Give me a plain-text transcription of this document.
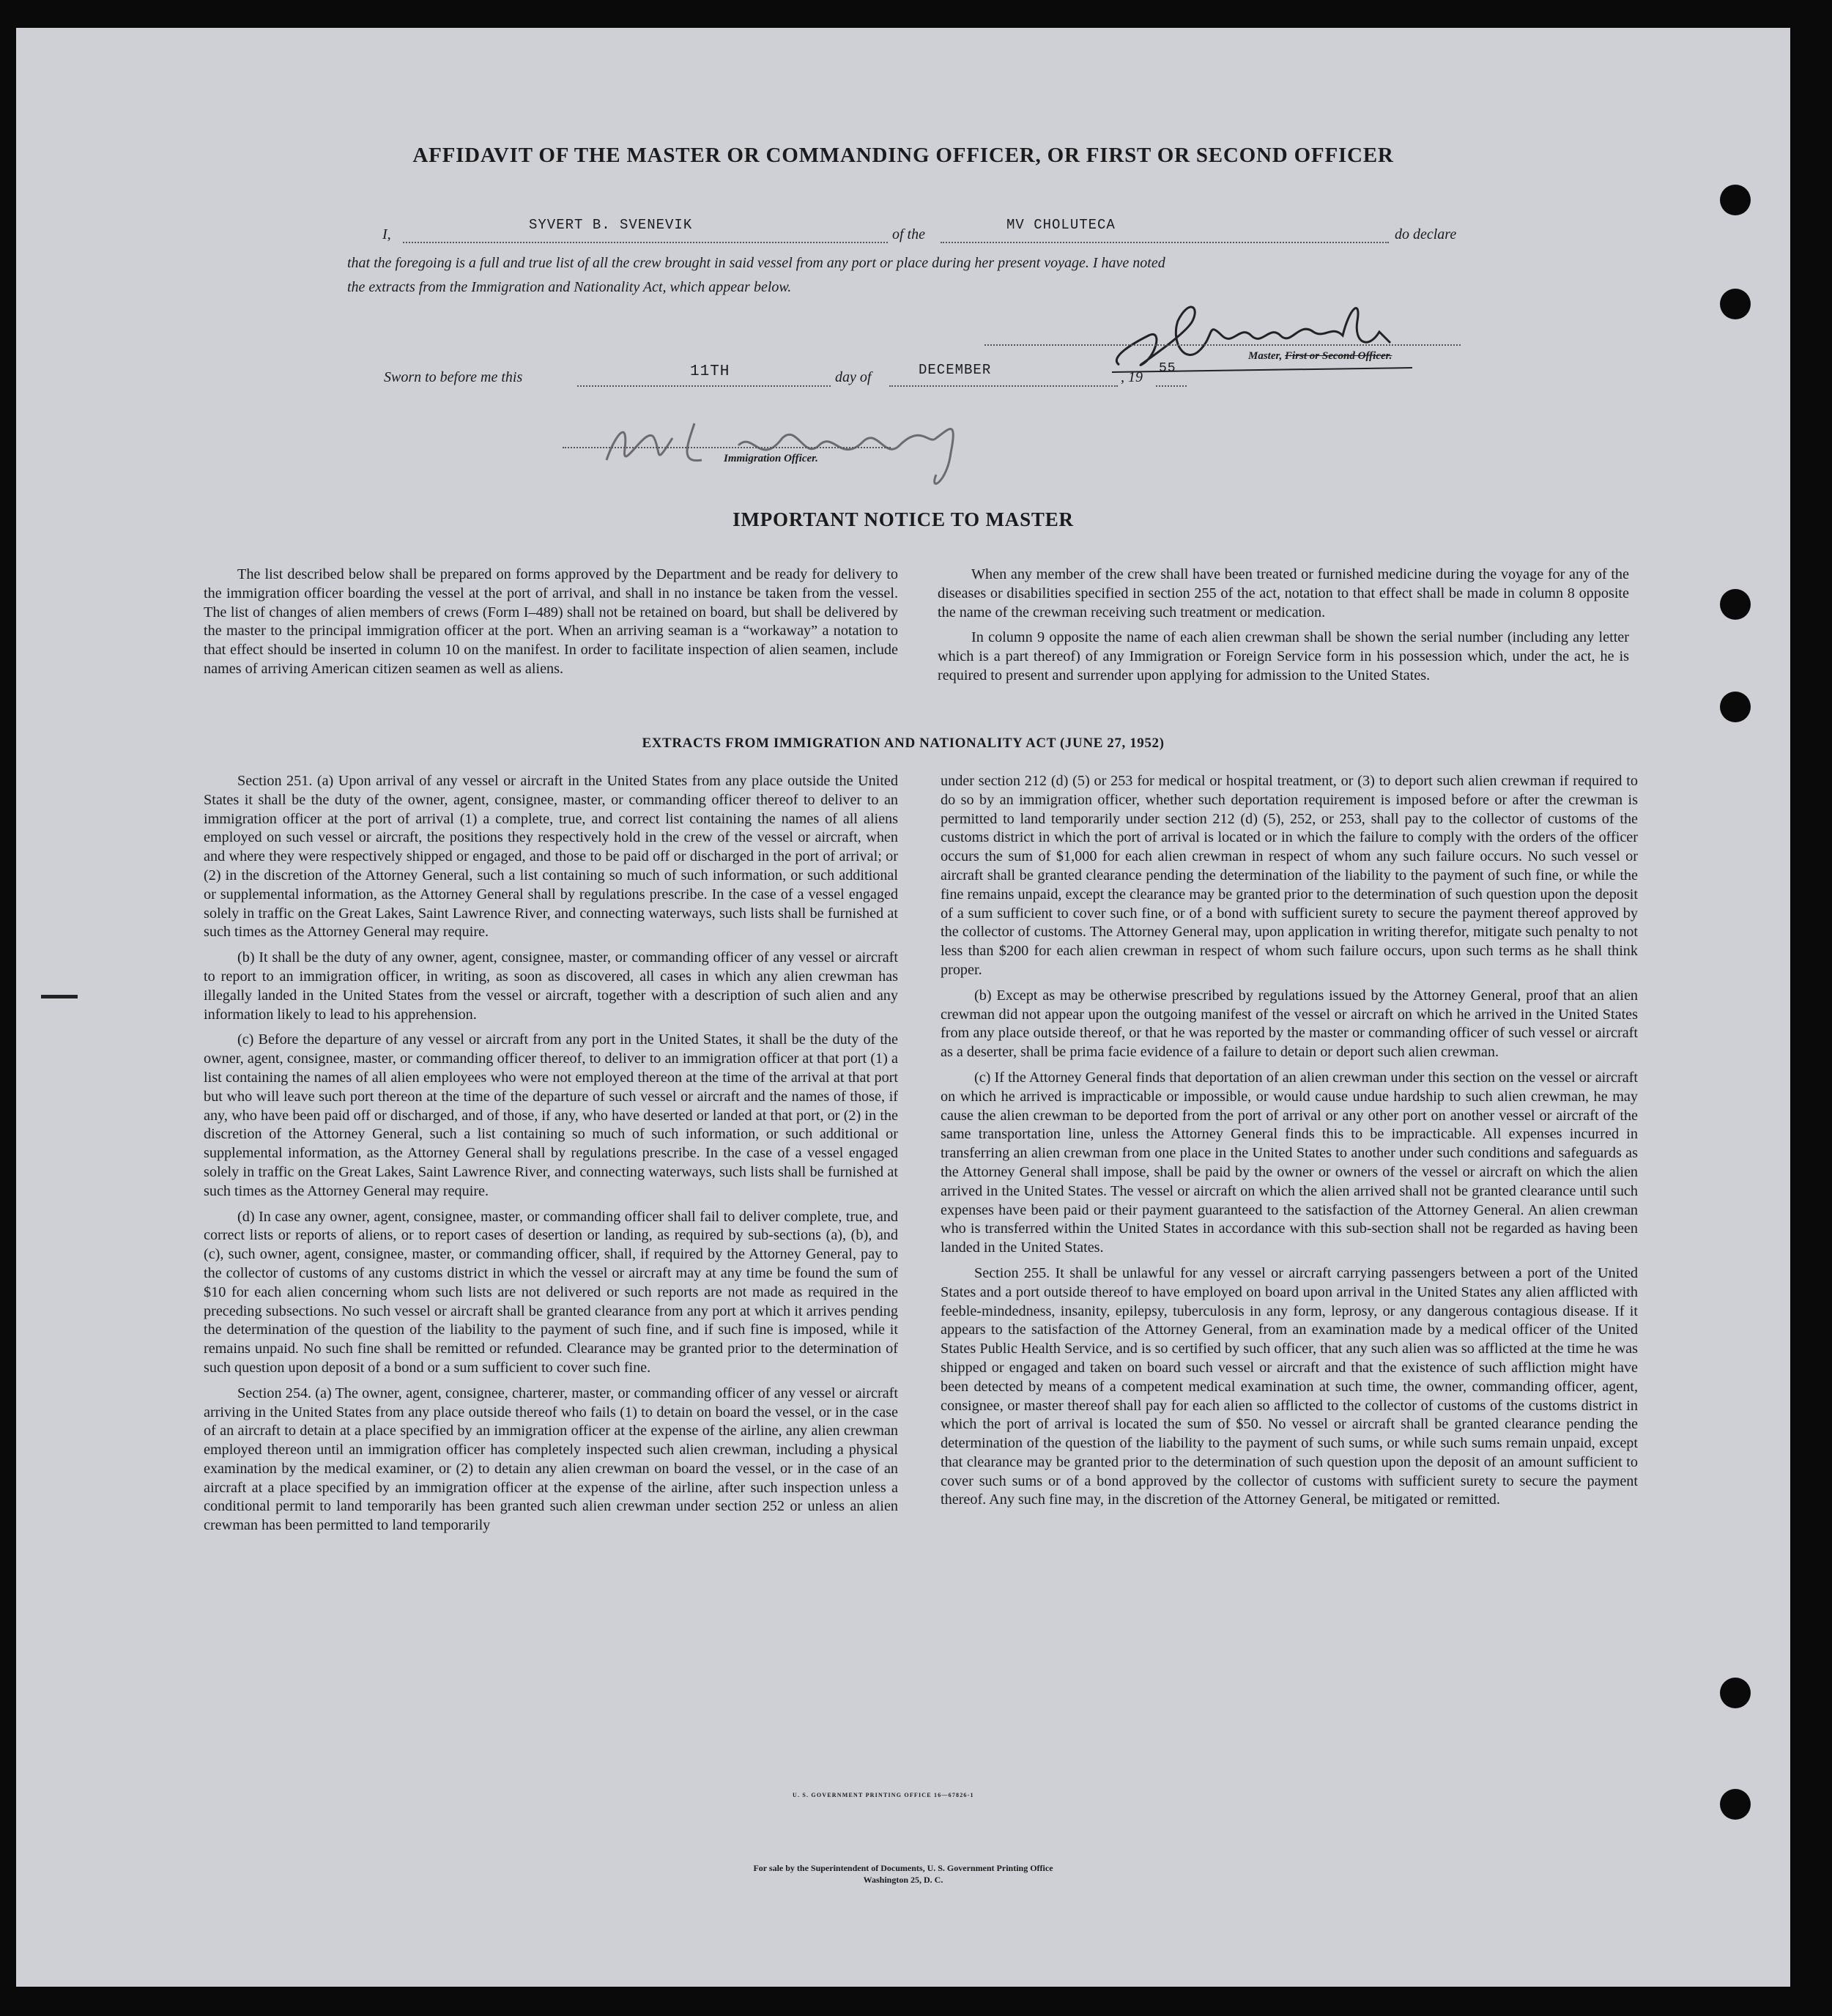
AFFIDAVIT OF THE MASTER OR COMMANDING OFFICER, OR FIRST OR SECOND OFFICER
I,
SYVERT B. SVENEVIK
of the
MV CHOLUTECA
do declare
that the foregoing is a full and true list of all the crew brought in said vessel from any port or place during her present voyage. I have noted
the extracts from the Immigration and Nationality Act, which appear below.
Master, First or Second Officer.
Sworn to before me this	11TH	day of	DECEMBER	, 19
55
Immigration Officer.
IMPORTANT NOTICE TO MASTER

The list described below shall be prepared on forms approved by the Department and be ready for delivery to the immigration officer boarding the vessel at the port of arrival, and shall in no instance be taken from the vessel. The list of changes of alien members of crews (Form I–489) shall not be retained on board, but shall be delivered by the master to the principal immigration officer at the port. When an arriving seaman is a “workaway” a notation to that effect should be inserted in column 10 on the manifest. In order to facilitate inspection of alien seamen, include names of arriving American citizen seamen as well as aliens.

When any member of the crew shall have been treated or furnished medicine during the voyage for any of the diseases or disabilities specified in section 255 of the act, notation to that effect shall be made in column 8 opposite the name of the crewman receiving such treatment or medication.

In column 9 opposite the name of each alien crewman shall be shown the serial number (including any letter which is a part thereof) of any Immigration or Foreign Service form in his possession which, under the act, he is required to present and surrender upon applying for admission to the United States.

EXTRACTS FROM IMMIGRATION AND NATIONALITY ACT (JUNE 27, 1952)

Section 251. (a) Upon arrival of any vessel or aircraft in the United States from any place outside the United States it shall be the duty of the owner, agent, consignee, master, or commanding officer thereof to deliver to an immigration officer at the port of arrival (1) a complete, true, and correct list containing the names of all aliens employed on such vessel or aircraft, the positions they respectively hold in the crew of the vessel or aircraft, when and where they were respectively shipped or engaged, and those to be paid off or discharged in the port of arrival; or (2) in the discretion of the Attorney General, such a list containing so much of such information, or such additional or supplemental information, as the Attorney General shall by regulations prescribe. In the case of a vessel engaged solely in traffic on the Great Lakes, Saint Lawrence River, and connecting waterways, such lists shall be furnished at such times as the Attorney General may require.

(b) It shall be the duty of any owner, agent, consignee, master, or commanding officer of any vessel or aircraft to report to an immigration officer, in writing, as soon as discovered, all cases in which any alien crewman has illegally landed in the United States from the vessel or aircraft, together with a description of such alien and any information likely to lead to his apprehension.

(c) Before the departure of any vessel or aircraft from any port in the United States, it shall be the duty of the owner, agent, consignee, master, or commanding officer thereof, to deliver to an immigration officer at that port (1) a list containing the names of all alien employees who were not employed thereon at the time of the arrival at that port but who will leave such port thereon at the time of the departure of such vessel or aircraft and the names of those, if any, who have been paid off or discharged, and of those, if any, who have deserted or landed at that port, or (2) in the discretion of the Attorney General, such a list containing so much of such information, or such additional or supplemental information, as the Attorney General shall by regulations prescribe. In the case of a vessel engaged solely in traffic on the Great Lakes, Saint Lawrence River, and connecting waterways, such lists shall be furnished at such times as the Attorney General may require.

(d) In case any owner, agent, consignee, master, or commanding officer shall fail to deliver complete, true, and correct lists or reports of aliens, or to report cases of desertion or landing, as required by sub-sections (a), (b), and (c), such owner, agent, consignee, master, or commanding officer, shall, if required by the Attorney General, pay to the collector of customs of any customs district in which the vessel or aircraft may at any time be found the sum of $10 for each alien concerning whom such lists are not delivered or such reports are not made as required in the preceding subsections. No such vessel or aircraft shall be granted clearance from any port at which it arrives pending the determination of the question of the liability to the payment of such fine, and if such fine is imposed, while it remains unpaid. No such fine shall be remitted or refunded. Clearance may be granted prior to the determination of such question upon deposit of a bond or a sum sufficient to cover such fine.

Section 254. (a) The owner, agent, consignee, charterer, master, or commanding officer of any vessel or aircraft arriving in the United States from any place outside thereof who fails (1) to detain on board the vessel, or in the case of an aircraft to detain at a place specified by an immigration officer at the expense of the airline, any alien crewman employed thereon until an immigration officer has completely inspected such alien crewman, including a physical examination by the medical examiner, or (2) to detain any alien crewman on board the vessel, or in the case of an aircraft at a place specified by an immigration officer at the expense of the airline, after such inspection unless a conditional permit to land temporarily has been granted such alien crewman under section 252 or unless an alien crewman has been permitted to land temporarily

under section 212 (d) (5) or 253 for medical or hospital treatment, or (3) to deport such alien crewman if required to do so by an immigration officer, whether such deportation requirement is imposed before or after the crewman is permitted to land temporarily under section 212 (d) (5), 252, or 253, shall pay to the collector of customs of the customs district in which the port of arrival is located or in which the failure to comply with the orders of the officer occurs the sum of $1,000 for each alien crewman in respect of whom any such failure occurs. No such vessel or aircraft shall be granted clearance pending the determination of the liability to the payment of such fine, or while the fine remains unpaid, except the clearance may be granted prior to the determination of such question upon the deposit of a sum sufficient to cover such fine, or of a bond with sufficient surety to secure the payment thereof approved by the collector of customs. The Attorney General may, upon application in writing therefor, mitigate such penalty to not less than $200 for each alien crewman in respect of whom such failure occurs, upon such terms as he shall think proper.

(b) Except as may be otherwise prescribed by regulations issued by the Attorney General, proof that an alien crewman did not appear upon the outgoing manifest of the vessel or aircraft on which he arrived in the United States from any place outside thereof, or that he was reported by the master or commanding officer of such vessel or aircraft as a deserter, shall be prima facie evidence of a failure to detain or deport such alien crewman.

(c) If the Attorney General finds that deportation of an alien crewman under this section on the vessel or aircraft on which he arrived is impracticable or impossible, or would cause undue hardship to such alien crewman, he may cause the alien crewman to be deported from the port of arrival or any other port on another vessel or aircraft of the same transportation line, unless the Attorney General finds this to be impracticable. All expenses incurred in transferring an alien crewman from one place in the United States to another under such conditions and safeguards as the Attorney General shall impose, shall be paid by the owner or owners of the vessel or aircraft on which the alien arrived in the United States. The vessel or aircraft on which the alien arrived shall not be granted clearance until such expenses have been paid or their payment guaranteed to the satisfaction of the Attorney General. An alien crewman who is transferred within the United States in accordance with this sub-section shall not be regarded as having been landed in the United States.

Section 255. It shall be unlawful for any vessel or aircraft carrying passengers between a port of the United States and a port outside thereof to have employed on board upon arrival in the United States any alien afflicted with feeble-mindedness, insanity, epilepsy, tuberculosis in any form, leprosy, or any dangerous contagious disease. If it appears to the satisfaction of the Attorney General, from an examination made by a medical officer of the United States Public Health Service, and is so certified by such officer, that any such alien was so afflicted at the time he was shipped or engaged and taken on board such vessel or aircraft and that the existence of such affliction might have been detected by means of a competent medical examination at such time, the owner, commanding officer, agent, consignee, or master thereof shall pay for each alien so afflicted to the collector of customs of the customs district in which the port of arrival is located the sum of $50. No vessel or aircraft shall be granted clearance pending the determination of the question of the liability to the payment of such sums, or while such sums remain unpaid, except that clearance may be granted prior to the determination of such question upon the deposit of an amount sufficient to cover such sums or of a bond approved by the collector of customs with sufficient surety to secure the payment thereof. Any such fine may, in the discretion of the Attorney General, be mitigated or remitted.

U. S. GOVERNMENT PRINTING OFFICE 16—67826-1
For sale by the Superintendent of Documents, U. S. Government Printing Office
Washington 25, D. C.
